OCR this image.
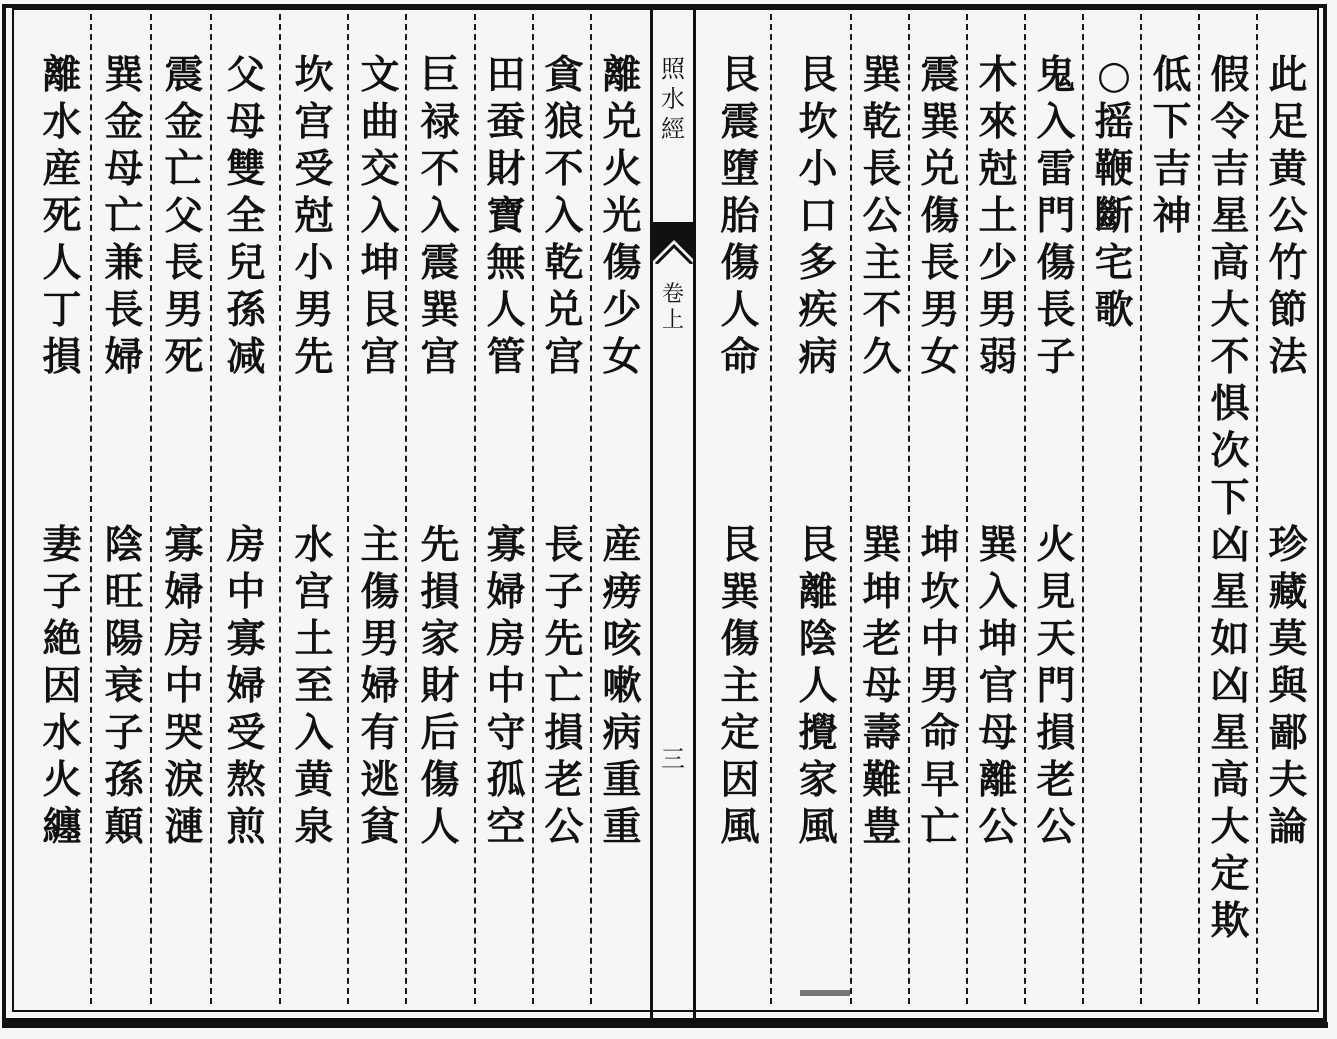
照水經
卷上
三
此足黄公竹節法
珍藏莫與鄙夫論
假令吉星高大不惧次下凶星如凶星高大定欺
低下吉神
○摇鞭斷宅歌
鬼入雷門傷長子
火見天門損老公
木來尅土少男弱
巽入坤官母離公
震巽兑傷長男女
坤坎中男命早亡
巽乾長公主不久
巽坤老母壽難豊
艮坎小口多疾病
艮離陰人攪家風
艮震墮胎傷人命
艮巽傷主定因風
離兑火光傷少女
産痨咳嗽病重重
貪狼不入乾兑宫
長子先亡損老公
田蚕財寶無人管
寡婦房中守孤空
巨禄不入震巽宫
先損家財后傷人
文曲交入坤艮宫
主傷男婦有逃貧
坎宫受尅小男先
水宫土至入黄泉
父母雙全兒孫减
房中寡婦受熬煎
震金亡父長男死
寡婦房中哭淚漣
巽金母亡兼長婦
陰旺陽衰子孫顛
離水産死人丁損
妻子絶因水火纏
